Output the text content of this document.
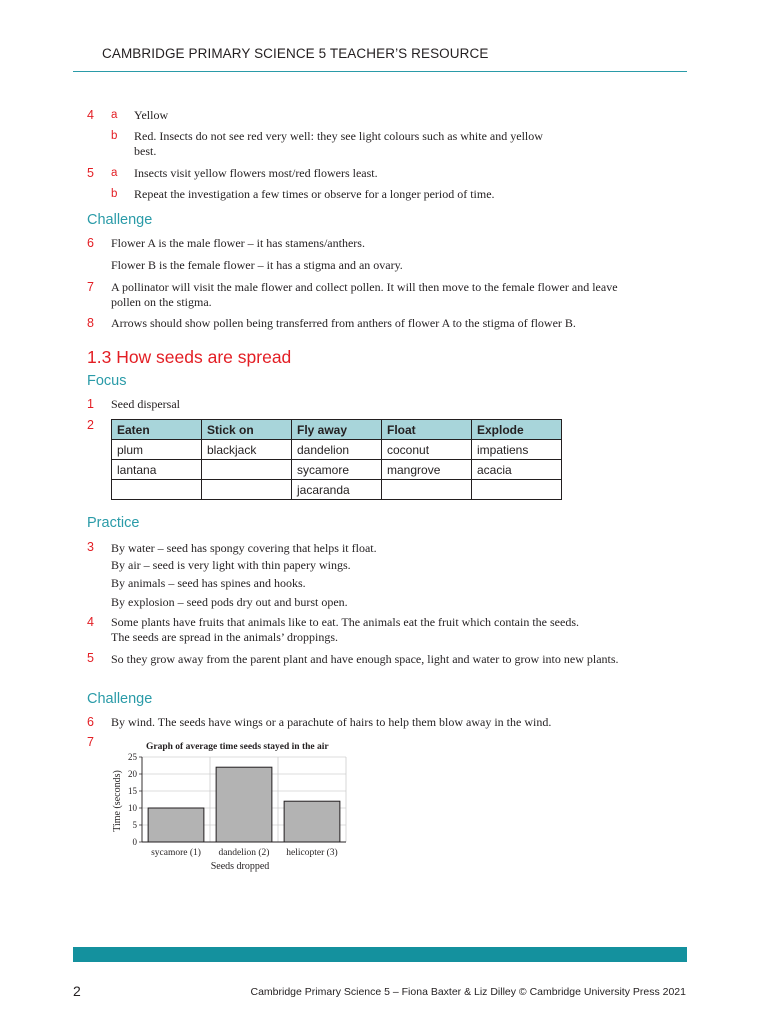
CAMBRIDGE PRIMARY SCIENCE 5 TEACHER’S RESOURCE
4 a Yellow
b Red. Insects do not see red very well: they see light colours such as white and yellow best.
5 a Insects visit yellow flowers most/red flowers least.
b Repeat the investigation a few times or observe for a longer period of time.
Challenge
6 Flower A is the male flower – it has stamens/anthers.
Flower B is the female flower – it has a stigma and an ovary.
7 A pollinator will visit the male flower and collect pollen. It will then move to the female flower and leave pollen on the stigma.
8 Arrows should show pollen being transferred from anthers of flower A to the stigma of flower B.
1.3 How seeds are spread
Focus
1 Seed dispersal
2 Eaten	Stick on	Fly away	Float	Explode
plum	blackjack	dandelion	coconut	impatiens
lantana		sycamore	mangrove	acacia
		jacaranda		
Practice
3 By water – seed has spongy covering that helps it float.
By air – seed is very light with thin papery wings.
By animals – seed has spines and hooks.
By explosion – seed pods dry out and burst open.
4 Some plants have fruits that animals like to eat. The animals eat the fruit which contain the seeds. The seeds are spread in the animals’ droppings.
5 So they grow away from the parent plant and have enough space, light and water to grow into new plants.
Challenge
6 By wind. The seeds have wings or a parachute of hairs to help them blow away in the wind.
7	Graph of average time seeds stayed in the air
0
5
10
15
20
25
sycamore (1) dandelion (2) helicopter (3)
Seeds dropped
Time (seconds)
2	Cambridge Primary Science 5 – Fiona Baxter & Liz Dilley © Cambridge University Press 2021
